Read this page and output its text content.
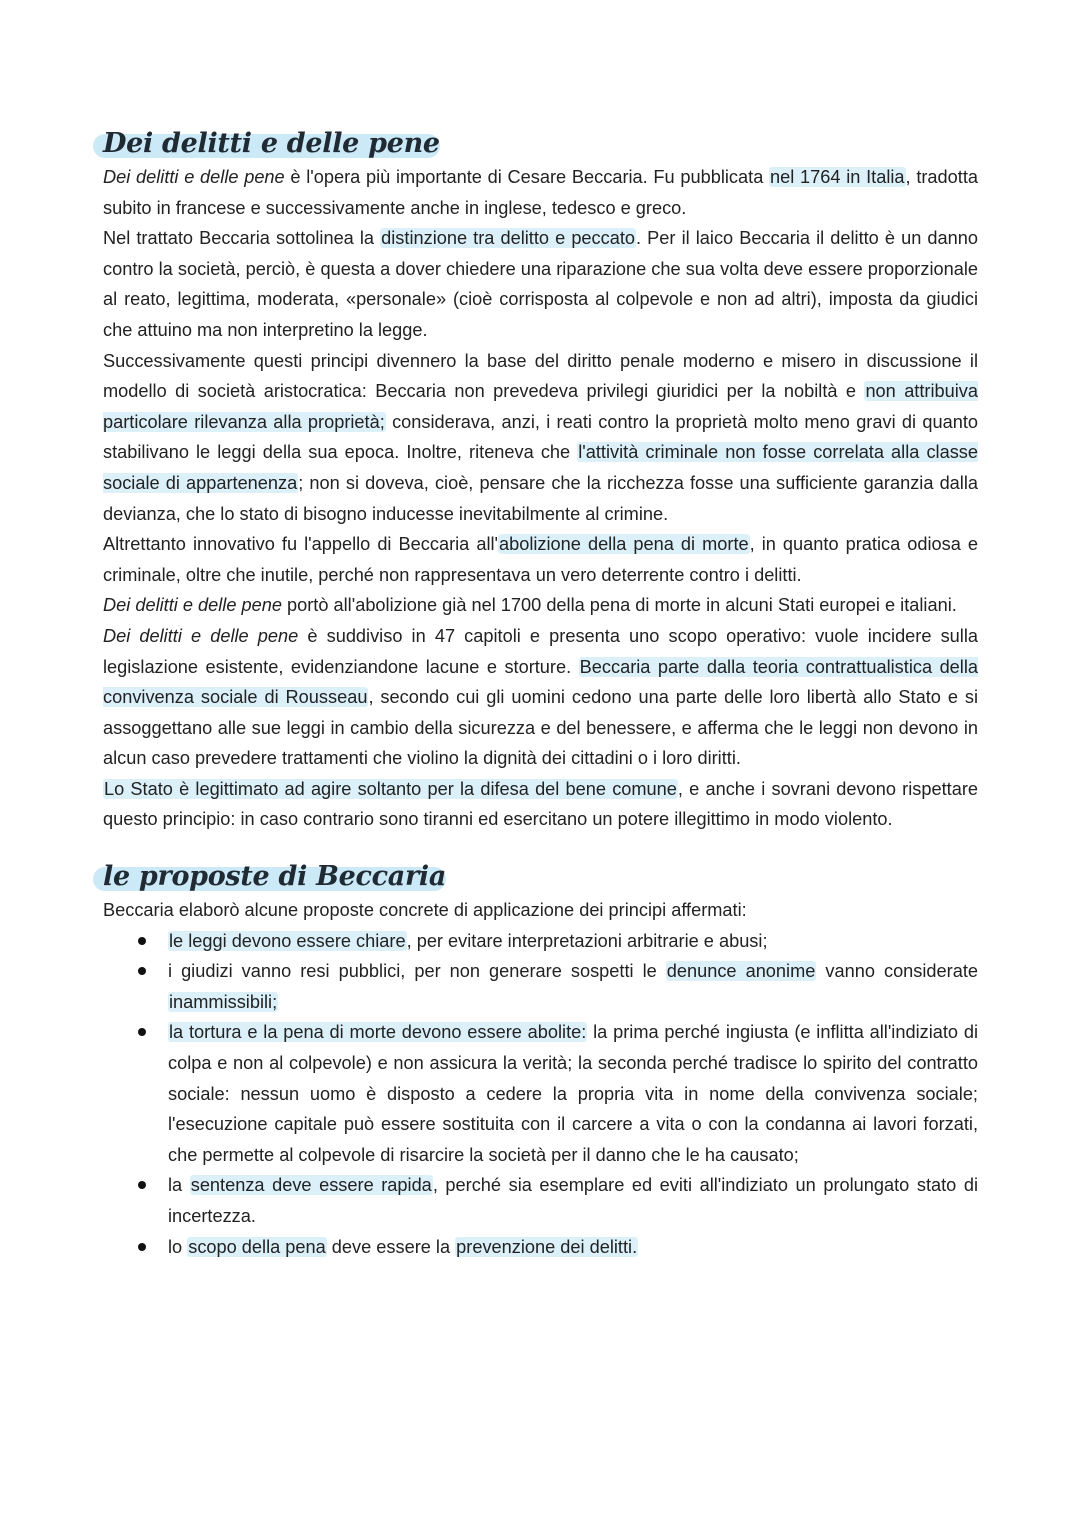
Dei delitti e delle pene

Dei delitti e delle pene è l'opera più importante di Cesare Beccaria. Fu pubblicata nel 1764 in Italia, tradotta subito in francese e successivamente anche in inglese, tedesco e greco.

Nel trattato Beccaria sottolinea la distinzione tra delitto e peccato. Per il laico Beccaria il delitto è un danno contro la società, perciò, è questa a dover chiedere una riparazione che sua volta deve essere proporzionale al reato, legittima, moderata, «personale» (cioè corrisposta al colpevole e non ad altri), imposta da giudici che attuino ma non interpretino la legge.

Successivamente questi principi divennero la base del diritto penale moderno e misero in discussione il modello di società aristocratica: Beccaria non prevedeva privilegi giuridici per la nobiltà e non attribuiva particolare rilevanza alla proprietà; considerava, anzi, i reati contro la proprietà molto meno gravi di quanto stabilivano le leggi della sua epoca. Inoltre, riteneva che l'attività criminale non fosse correlata alla classe sociale di appartenenza; non si doveva, cioè, pensare che la ricchezza fosse una sufficiente garanzia dalla devianza, che lo stato di bisogno inducesse inevitabilmente al crimine.

Altrettanto innovativo fu l'appello di Beccaria all'abolizione della pena di morte, in quanto pratica odiosa e criminale, oltre che inutile, perché non rappresentava un vero deterrente contro i delitti.

Dei delitti e delle pene portò all'abolizione già nel 1700 della pena di morte in alcuni Stati europei e italiani.

Dei delitti e delle pene è suddiviso in 47 capitoli e presenta uno scopo operativo: vuole incidere sulla legislazione esistente, evidenziandone lacune e storture. Beccaria parte dalla teoria contrattualistica della convivenza sociale di Rousseau, secondo cui gli uomini cedono una parte delle loro libertà allo Stato e si assoggettano alle sue leggi in cambio della sicurezza e del benessere, e afferma che le leggi non devono in alcun caso prevedere trattamenti che violino la dignità dei cittadini o i loro diritti.

Lo Stato è legittimato ad agire soltanto per la difesa del bene comune, e anche i sovrani devono rispettare questo principio: in caso contrario sono tiranni ed esercitano un potere illegittimo in modo violento.

le proposte di Beccaria

Beccaria elaborò alcune proposte concrete di applicazione dei principi affermati:

le leggi devono essere chiare, per evitare interpretazioni arbitrarie e abusi;
i giudizi vanno resi pubblici, per non generare sospetti le denunce anonime vanno considerate inammissibili;
la tortura e la pena di morte devono essere abolite: la prima perché ingiusta (e inflitta all'indiziato di colpa e non al colpevole) e non assicura la verità; la seconda perché tradisce lo spirito del contratto sociale: nessun uomo è disposto a cedere la propria vita in nome della convivenza sociale; l'esecuzione capitale può essere sostituita con il carcere a vita o con la condanna ai lavori forzati, che permette al colpevole di risarcire la società per il danno che le ha causato;
la sentenza deve essere rapida, perché sia esemplare ed eviti all'indiziato un prolungato stato di incertezza.
lo scopo della pena deve essere la prevenzione dei delitti.
